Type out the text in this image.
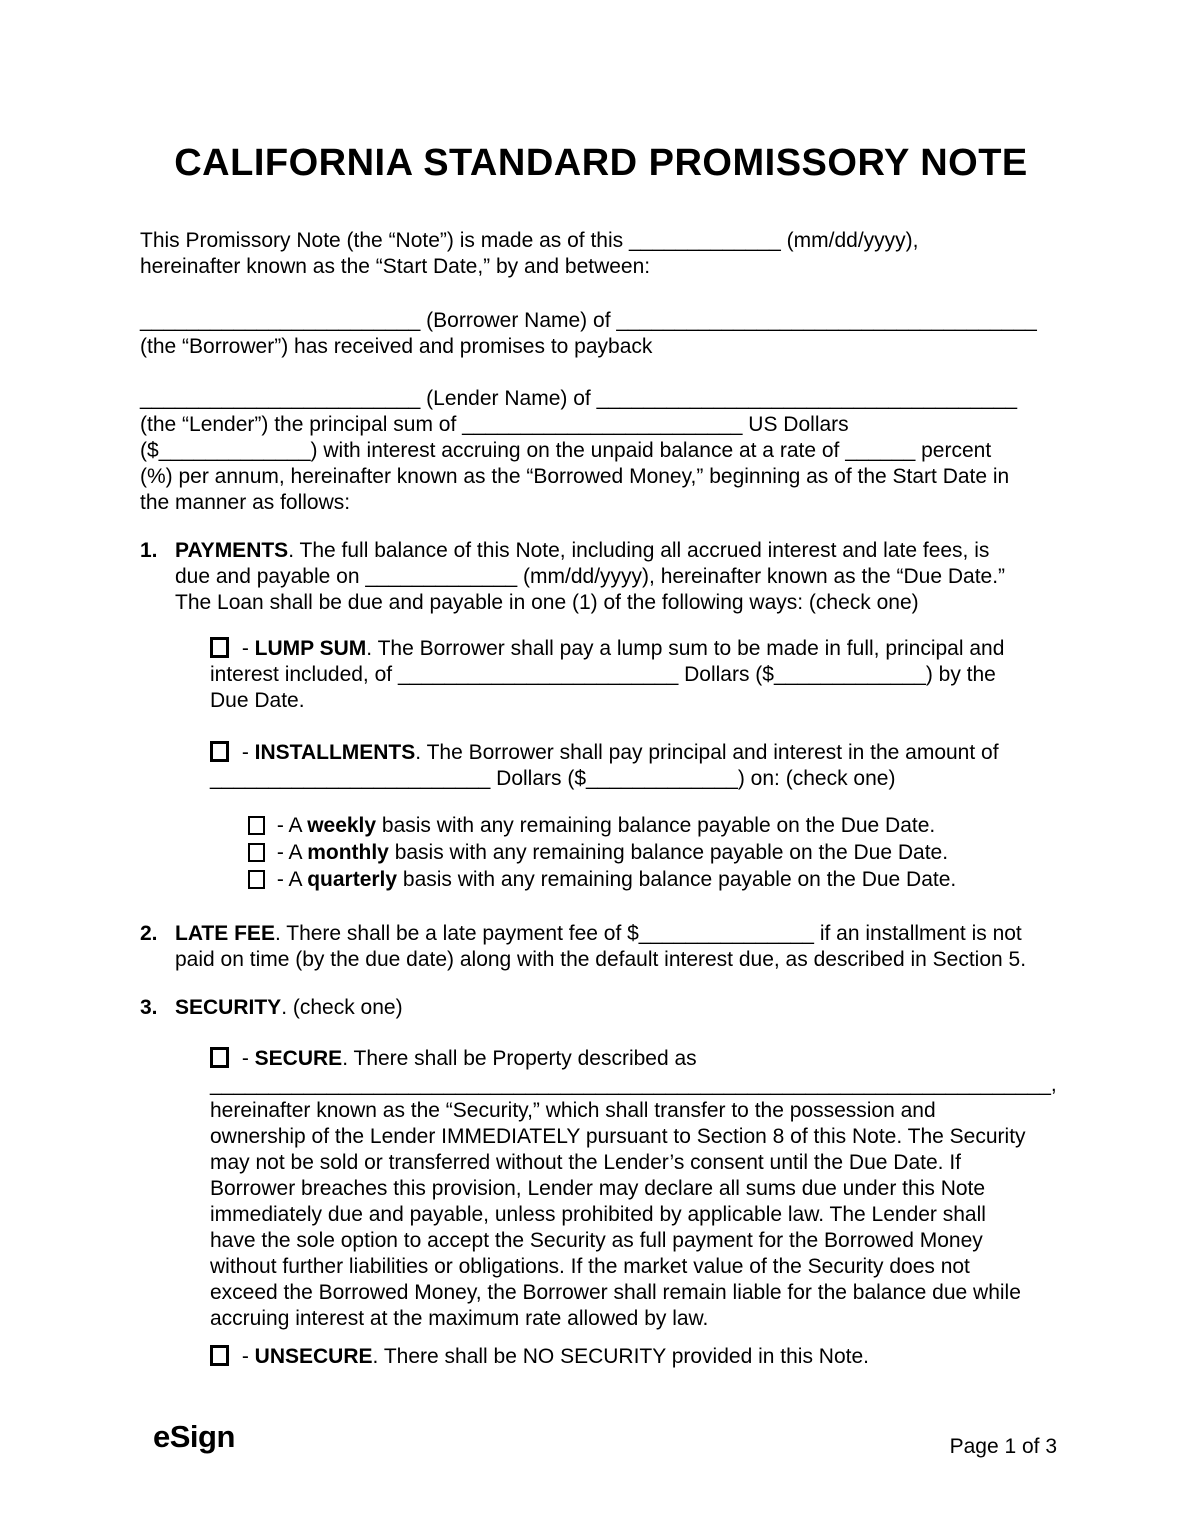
CALIFORNIA STANDARD PROMISSORY NOTE

This Promissory Note (the “Note”) is made as of this _____________ (mm/dd/yyyy),
hereinafter known as the “Start Date,” by and between:

________________________ (Borrower Name) of ____________________________________
(the “Borrower”) has received and promises to payback

________________________ (Lender Name) of ____________________________________
(the “Lender”) the principal sum of ________________________ US Dollars
($_____________) with interest accruing on the unpaid balance at a rate of ______ percent
(%) per annum, hereinafter known as the “Borrowed Money,” beginning as of the Start Date in
the manner as follows:

1. PAYMENTS. The full balance of this Note, including all accrued interest and late fees, is
due and payable on _____________ (mm/dd/yyyy), hereinafter known as the “Due Date.”
The Loan shall be due and payable in one (1) of the following ways: (check one)
- LUMP SUM. The Borrower shall pay a lump sum to be made in full, principal and
interest included, of ________________________ Dollars ($_____________) by the
Due Date.
- INSTALLMENTS. The Borrower shall pay principal and interest in the amount of
________________________ Dollars ($_____________) on: (check one)
- A weekly basis with any remaining balance payable on the Due Date.
- A monthly basis with any remaining balance payable on the Due Date.
- A quarterly basis with any remaining balance payable on the Due Date.
2. LATE FEE. There shall be a late payment fee of $_______________ if an installment is not
paid on time (by the due date) along with the default interest due, as described in Section 5.
3. SECURITY. (check one)
- SECURE. There shall be Property described as
________________________________________________________________________,
hereinafter known as the “Security,” which shall transfer to the possession and
ownership of the Lender IMMEDIATELY pursuant to Section 8 of this Note. The Security
may not be sold or transferred without the Lender’s consent until the Due Date. If
Borrower breaches this provision, Lender may declare all sums due under this Note
immediately due and payable, unless prohibited by applicable law. The Lender shall
have the sole option to accept the Security as full payment for the Borrowed Money
without further liabilities or obligations. If the market value of the Security does not
exceed the Borrowed Money, the Borrower shall remain liable for the balance due while
accruing interest at the maximum rate allowed by law.
- UNSECURE. There shall be NO SECURITY provided in this Note.
eSign	Page 1 of 3
